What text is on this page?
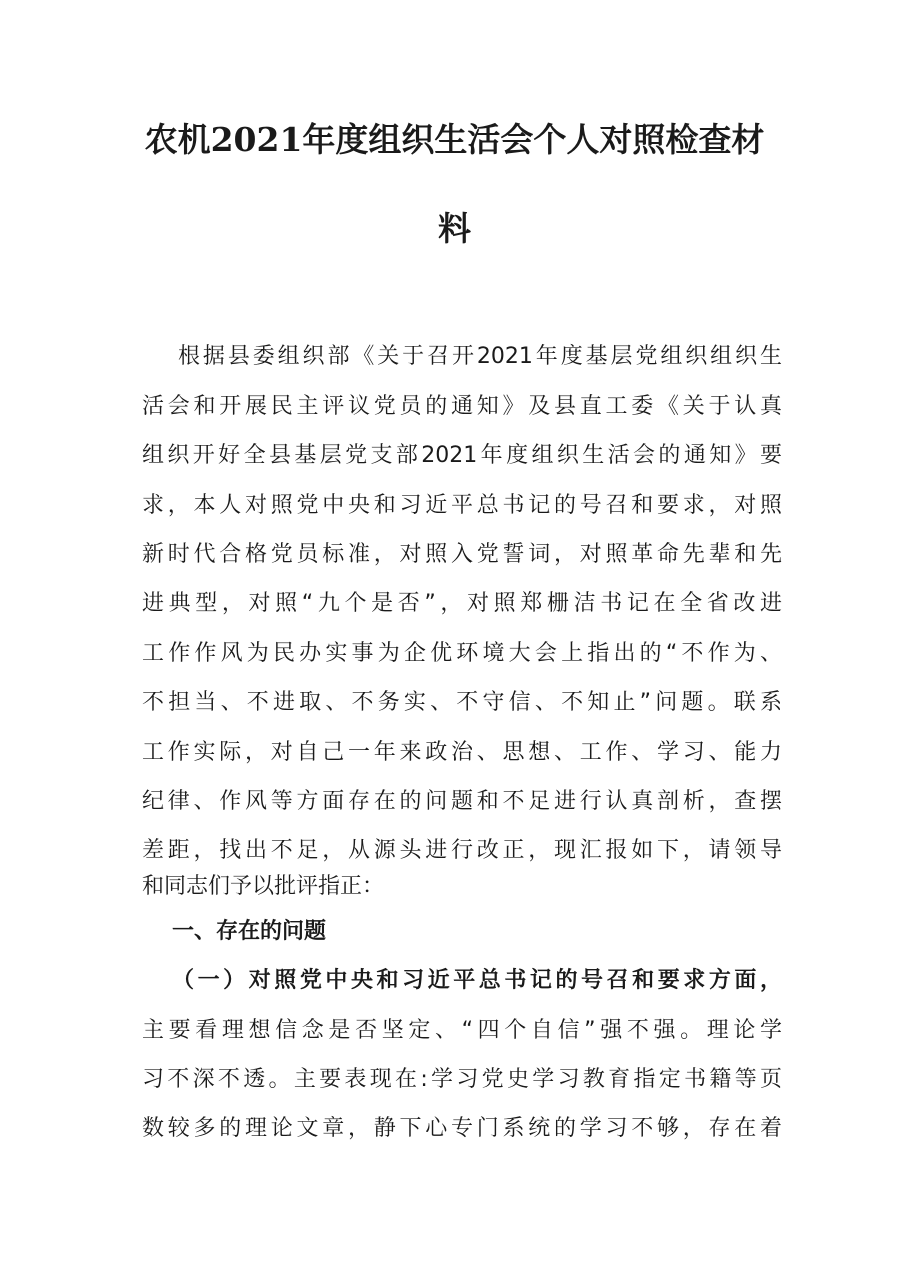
农机2021年度组织生活会个人对照检查材
料
根据县委组织部《关于召开2021年度基层党组织组织生
活会和开展民主评议党员的通知》及县直工委《关于认真
组织开好全县基层党支部2021年度组织生活会的通知》要
求，本人对照党中央和习近平总书记的号召和要求，对照
新时代合格党员标准，对照入党誓词，对照革命先辈和先
进典型，对照“九个是否”，对照郑栅洁书记在全省改进
工作作风为民办实事为企优环境大会上指出的“不作为、
不担当、不进取、不务实、不守信、不知止”问题。联系
工作实际，对自己一年来政治、思想、工作、学习、能力
纪律、作风等方面存在的问题和不足进行认真剖析，查摆
差距，找出不足，从源头进行改正，现汇报如下，请领导
和同志们予以批评指正：
一、存在的问题
（一）对照党中央和习近平总书记的号召和要求方面，
主要看理想信念是否坚定、“四个自信”强不强。理论学
习不深不透。主要表现在:学习党史学习教育指定书籍等页
数较多的理论文章，静下心专门系统的学习不够，存在着
